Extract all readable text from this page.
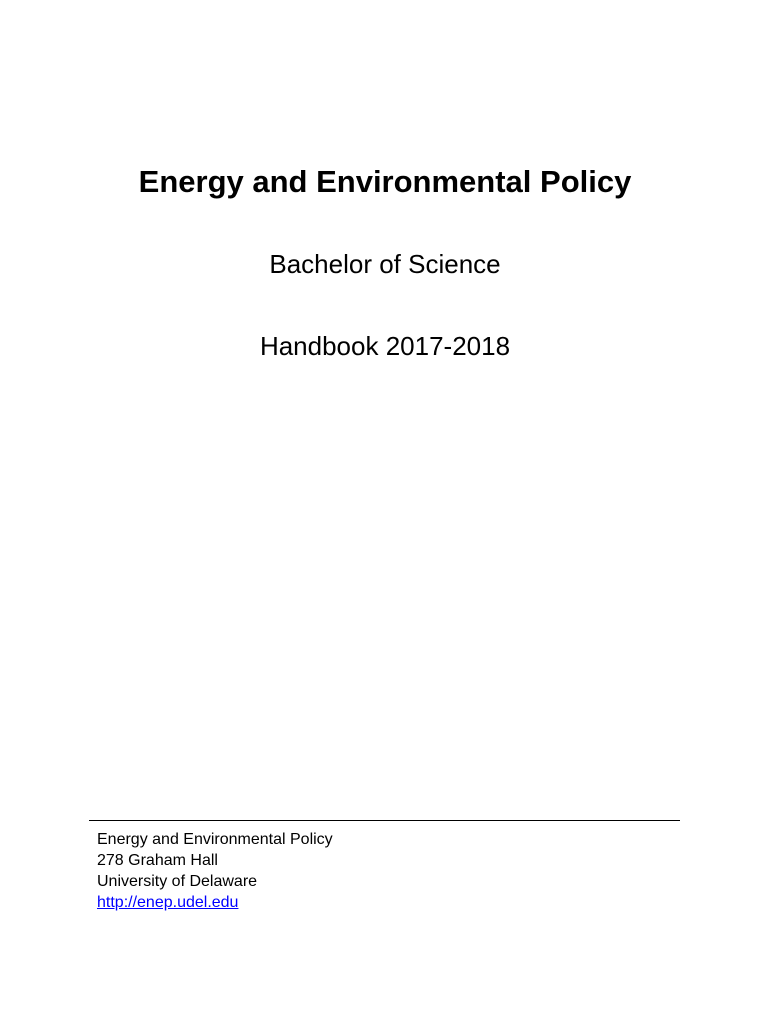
Energy and Environmental Policy

Bachelor of Science

Handbook 2017-2018

Energy and Environmental Policy
278 Graham Hall
University of Delaware
http://enep.udel.edu
